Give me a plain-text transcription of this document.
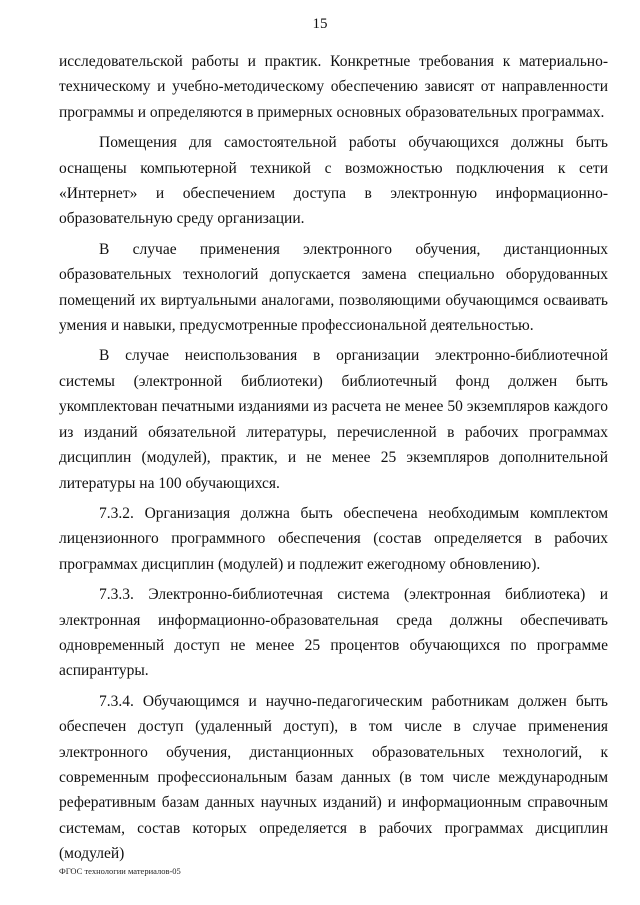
15

исследовательской работы и практик. Конкретные требования к материально-техническому и учебно-методическому обеспечению зависят от направленности программы и определяются в примерных основных образовательных программах.

Помещения для самостоятельной работы обучающихся должны быть оснащены компьютерной техникой с возможностью подключения к сети «Интернет» и обеспечением доступа в электронную информационно-образовательную среду организации.

В случае применения электронного обучения, дистанционных образовательных технологий допускается замена специально оборудованных помещений их виртуальными аналогами, позволяющими обучающимся осваивать умения и навыки, предусмотренные профессиональной деятельностью.

В случае неиспользования в организации электронно-библиотечной системы (электронной библиотеки) библиотечный фонд должен быть укомплектован печатными изданиями из расчета не менее 50 экземпляров каждого из изданий обязательной литературы, перечисленной в рабочих программах дисциплин (модулей), практик, и не менее 25 экземпляров дополнительной литературы на 100 обучающихся.

7.3.2. Организация должна быть обеспечена необходимым комплектом лицензионного программного обеспечения (состав определяется в рабочих программах дисциплин (модулей) и подлежит ежегодному обновлению).

7.3.3. Электронно-библиотечная система (электронная библиотека) и электронная информационно-образовательная среда должны обеспечивать одновременный доступ не менее 25 процентов обучающихся по программе аспирантуры.

7.3.4. Обучающимся и научно-педагогическим работникам должен быть обеспечен доступ (удаленный доступ), в том числе в случае применения электронного обучения, дистанционных образовательных технологий, к современным профессиональным базам данных (в том числе международным реферативным базам данных научных изданий) и информационным справочным системам, состав которых определяется в рабочих программах дисциплин (модулей)

ФГОС технологии материалов-05
